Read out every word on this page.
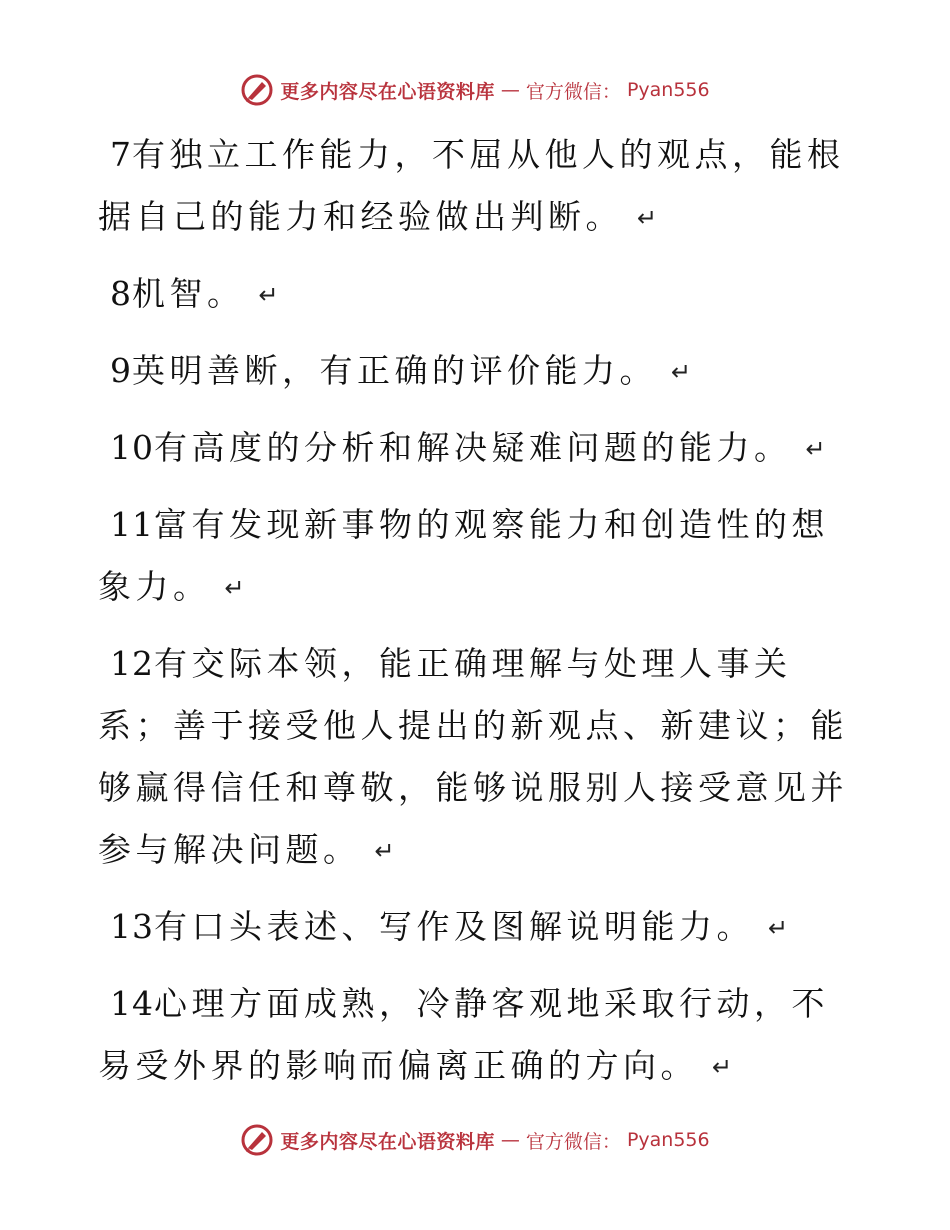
更多内容尽在心语资料库 — 官方微信： Pyan556

7有独立工作能力，不屈从他人的观点，能根据自己的能力和经验做出判断。 ↵

8机智。 ↵

9英明善断，有正确的评价能力。 ↵

10有高度的分析和解决疑难问题的能力。 ↵

11富有发现新事物的观察能力和创造性的想象力。 ↵

12有交际本领，能正确理解与处理人事关系；善于接受他人提出的新观点、新建议；能够赢得信任和尊敬，能够说服别人接受意见并参与解决问题。 ↵

13有口头表述、写作及图解说明能力。 ↵

14心理方面成熟，冷静客观地采取行动，不易受外界的影响而偏离正确的方向。 ↵

更多内容尽在心语资料库 — 官方微信： Pyan556
